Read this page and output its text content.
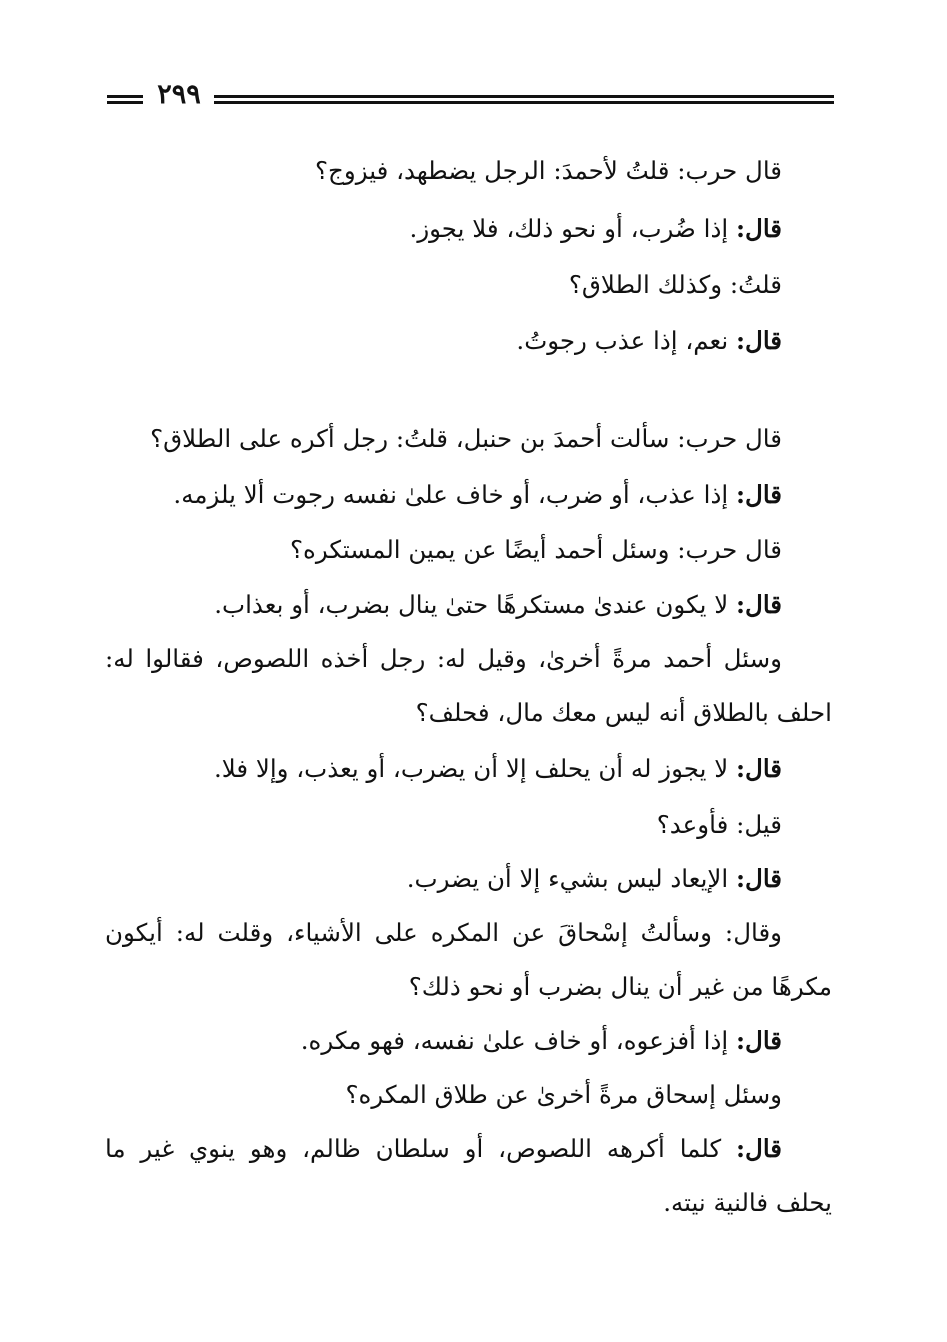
٢٩٩
قال حرب: قلتُ لأحمدَ: الرجل يضطهد، فيزوج؟
قال: إذا ضُرب، أو نحو ذلك، فلا يجوز.
قلتُ: وكذلك الطلاق؟
قال: نعم، إذا عذب رجوتُ.
قال حرب: سألت أحمدَ بن حنبل، قلتُ: رجل أكره على الطلاق؟
قال: إذا عذب، أو ضرب، أو خاف علىٰ نفسه رجوت ألا يلزمه.
قال حرب: وسئل أحمد أيضًا عن يمين المستكره؟
قال: لا يكون عندىٰ مستكرهًا حتىٰ ينال بضرب، أو بعذاب.
وسئل أحمد مرةً أخرىٰ، وقيل له: رجل أخذه اللصوص، فقالوا له:
احلف بالطلاق أنه ليس معك مال، فحلف؟
قال: لا يجوز له أن يحلف إلا أن يضرب، أو يعذب، وإلا فلا.
قيل: فأوعد؟
قال: الإيعاد ليس بشيء إلا أن يضرب.
وقال: وسألتُ إسْحاقَ عن المكره على الأشياء، وقلت له: أيكون
مكرهًا من غير أن ينال بضرب أو نحو ذلك؟
قال: إذا أفزعوه، أو خاف علىٰ نفسه، فهو مكره.
وسئل إسحاق مرةً أخرىٰ عن طلاق المكره؟
قال: كلما أكرهه اللصوص، أو سلطان ظالم، وهو ينوي غير ما
يحلف فالنية نيته.
